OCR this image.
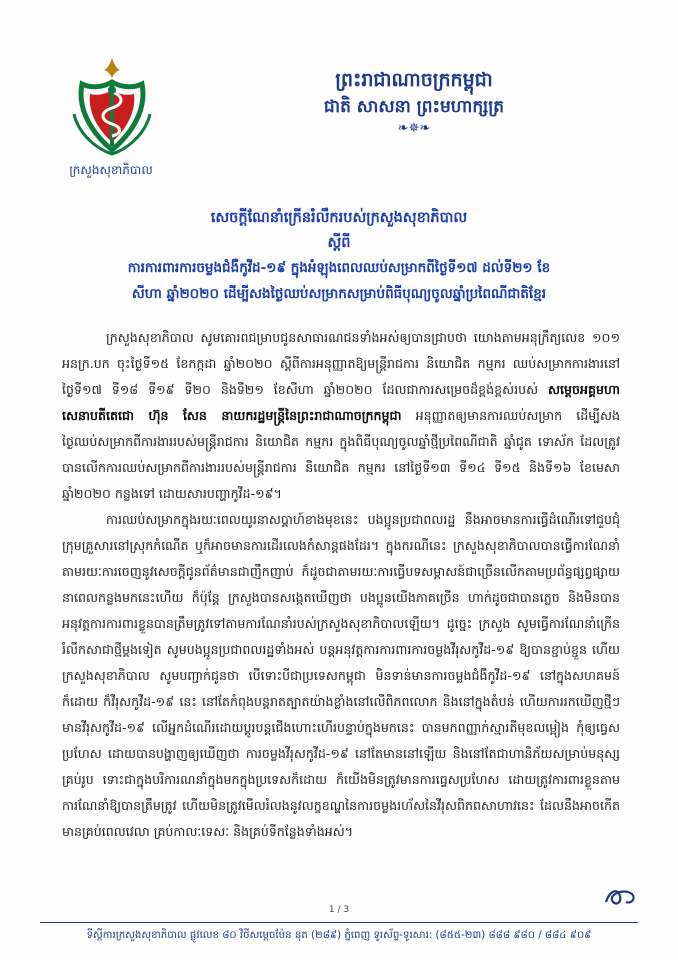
ក្រសួងសុខាភិបាល
ព្រះរាជាណាចក្រកម្ពុជា
ជាតិ សាសនា ព្រះមហាក្សត្រ
❧✵❧
សេចក្តីណែនាំក្រើនរំលឹករបស់ក្រសួងសុខាភិបាល
ស្តីពី
ការការពារការចម្លងជំងឺកូវីដ-១៩ ក្នុងអំឡុងពេលឈប់សម្រាកពីថ្ងៃទី១៧ ដល់ទី២១ ខែ
សីហា ឆ្នាំ២០២០ ដើម្បីសងថ្ងៃឈប់សម្រាកសម្រាប់ពិធីបុណ្យចូលឆ្នាំប្រពៃណីជាតិខ្មែរ

ក្រសួងសុខាភិបាល សូមគោរពជម្រាបជូនសាធារណជនទាំងអស់ឲ្យបានជ្រាបថា យោងតាមអនុក្រឹត្យលេខ ១០១ អនក្រ.បក ចុះថ្ងៃទី១៥ ខែកក្កដា ឆ្នាំ២០២០ ស្តីពីការអនុញ្ញាតឱ្យមន្ត្រីរាជការ និយោជិត កម្មករ ឈប់សម្រាកការងារនៅថ្ងៃទី១៧ ទី១៨ ទី១៩ ទី២០ និងទី២១ ខែសីហា ឆ្នាំ២០២០ ដែលជាការសម្រេចដ៏ខ្ពង់ខ្ពស់របស់ សម្តេចអគ្គមហាសេនាបតីតេជោ ហ៊ុន សែន នាយករដ្ឋមន្ត្រីនៃព្រះរាជាណាចក្រកម្ពុជា អនុញ្ញាតឲ្យមានការឈប់សម្រាក ដើម្បីសងថ្ងៃឈប់សម្រាកពីការងាររបស់មន្ត្រីរាជការ និយោជិត កម្មករ ក្នុងពិធីបុណ្យចូលឆ្នាំថ្មីប្រពៃណីជាតិ ឆ្នាំជូត ទោស័ក ដែលត្រូវបានលើកការឈប់សម្រាកពីការងាររបស់មន្ត្រីរាជការ និយោជិត កម្មករ នៅថ្ងៃទី១៣ ទី១៤ ទី១៥ និងទី១៦ ខែមេសា ឆ្នាំ២០២០ កន្លងទៅ ដោយសារបញ្ហាកូវីដ-១៩។

ការឈប់សម្រាកក្នុងរយៈពេលយូរនាសប្តាហ៍ខាងមុខនេះ បងប្អូនប្រជាពលរដ្ឋ នឹងអាចមានការធ្វើដំណើរទៅជួបជុំក្រុមគ្រួសារនៅស្រុកកំណើត ឬក៏អាចមានការដើរលេងកំសាន្តផងដែរ។ ក្នុងករណីនេះ ក្រសួងសុខាភិបាលបានធ្វើការណែនាំតាមរយៈការចេញនូវសេចក្តីជូនព័ត៌មានជាញឹកញាប់ ក៏ដូចជាតាមរយៈការធ្វើបទសម្ភាសន៍ជាច្រើនលើកតាមប្រព័ន្ធផ្សព្វផ្សាយ នាពេលកន្លងមកនេះហើយ ក៏ប៉ុន្តែ ក្រសួងបានសង្កេតឃើញថា បងប្អូនយើងភាគច្រើន ហាក់ដូចជាបានភ្លេច និងមិនបានអនុវត្តការការពារខ្លួនបានត្រឹមត្រូវទៅតាមការណែនាំរបស់ក្រសួងសុខាភិបាលឡើយ។ ដូច្នេះ ក្រសួង សូមធ្វើការណែនាំក្រើនរំលឹកសាជាថ្មីម្តងទៀត សូមបងប្អូនប្រជាពលរដ្ឋទាំងអស់ បន្តអនុវត្តការការពារការចម្លងវីរុសកូវីដ-១៩ ឱ្យបានខ្ជាប់ខ្ជួន ហើយក្រសួងសុខាភិបាល សូមបញ្ជាក់ជូនថា បើទោះបីជាប្រទេសកម្ពុជា មិនទាន់មានការចម្លងជំងឺកូវីដ-១៩ នៅក្នុងសហគមន៍ក៏ដោយ ក៏វីរុសកូវីដ-១៩ នេះ នៅតែកំពុងបន្តរាតត្បាតយ៉ាងខ្លាំងនៅលើពិភពលោក និងនៅក្នុងតំបន់ ហើយការរកឃើញថ្មីៗមានវីរុសកូវីដ-១៩ លើអ្នកដំណើរដោយប្តូរបន្តជើងហោះហើរបន្ទាប់ក្នុងមកនេះ បានមកពញ្ញាក់ស្មារតីមុខលម្អៀង កុំឲ្យធ្វេសប្រហែស ដោយបានបង្ហាញឲ្យឃើញថា ការចម្លងវីរុសកូវីដ-១៩ នៅតែមាននៅឡើយ និងនៅតែជាហានិភ័យសម្រាប់មនុស្សគ្រប់រូប ទោះជាក្នុងបរិការណនាំក្នុងមកក្នុងប្រទេសក៏ដោយ ក៏យើងមិនត្រូវមានការធ្វេសប្រហែស ដោយត្រូវការពារខ្លួនតាមការណែនាំឱ្យបានត្រឹមត្រូវ ហើយមិនត្រូវមើលរំលងនូវលក្ខខណ្ឌនៃការចម្លងរហ័សនៃវីរុសពិភពសាហាវនេះ ដែលនឹងអាចកើតមានគ្រប់ពេលវេលា គ្រប់កាលៈទេសៈ និងគ្រប់ទីកន្លែងទាំងអស់។

1 / 3
ទីស្តីការក្រសួងសុខាភិបាល ផ្លូវលេខ ៨០ វិថីសម្តេចប៉ែន នុត (២៨៩) ភ្នំពេញ ទូរស័ព្ទ-ទូរសារ: (៨៥៥-២៣) ៨៨៨ ៩៨០ / ៨៨៤ ៩០៩
